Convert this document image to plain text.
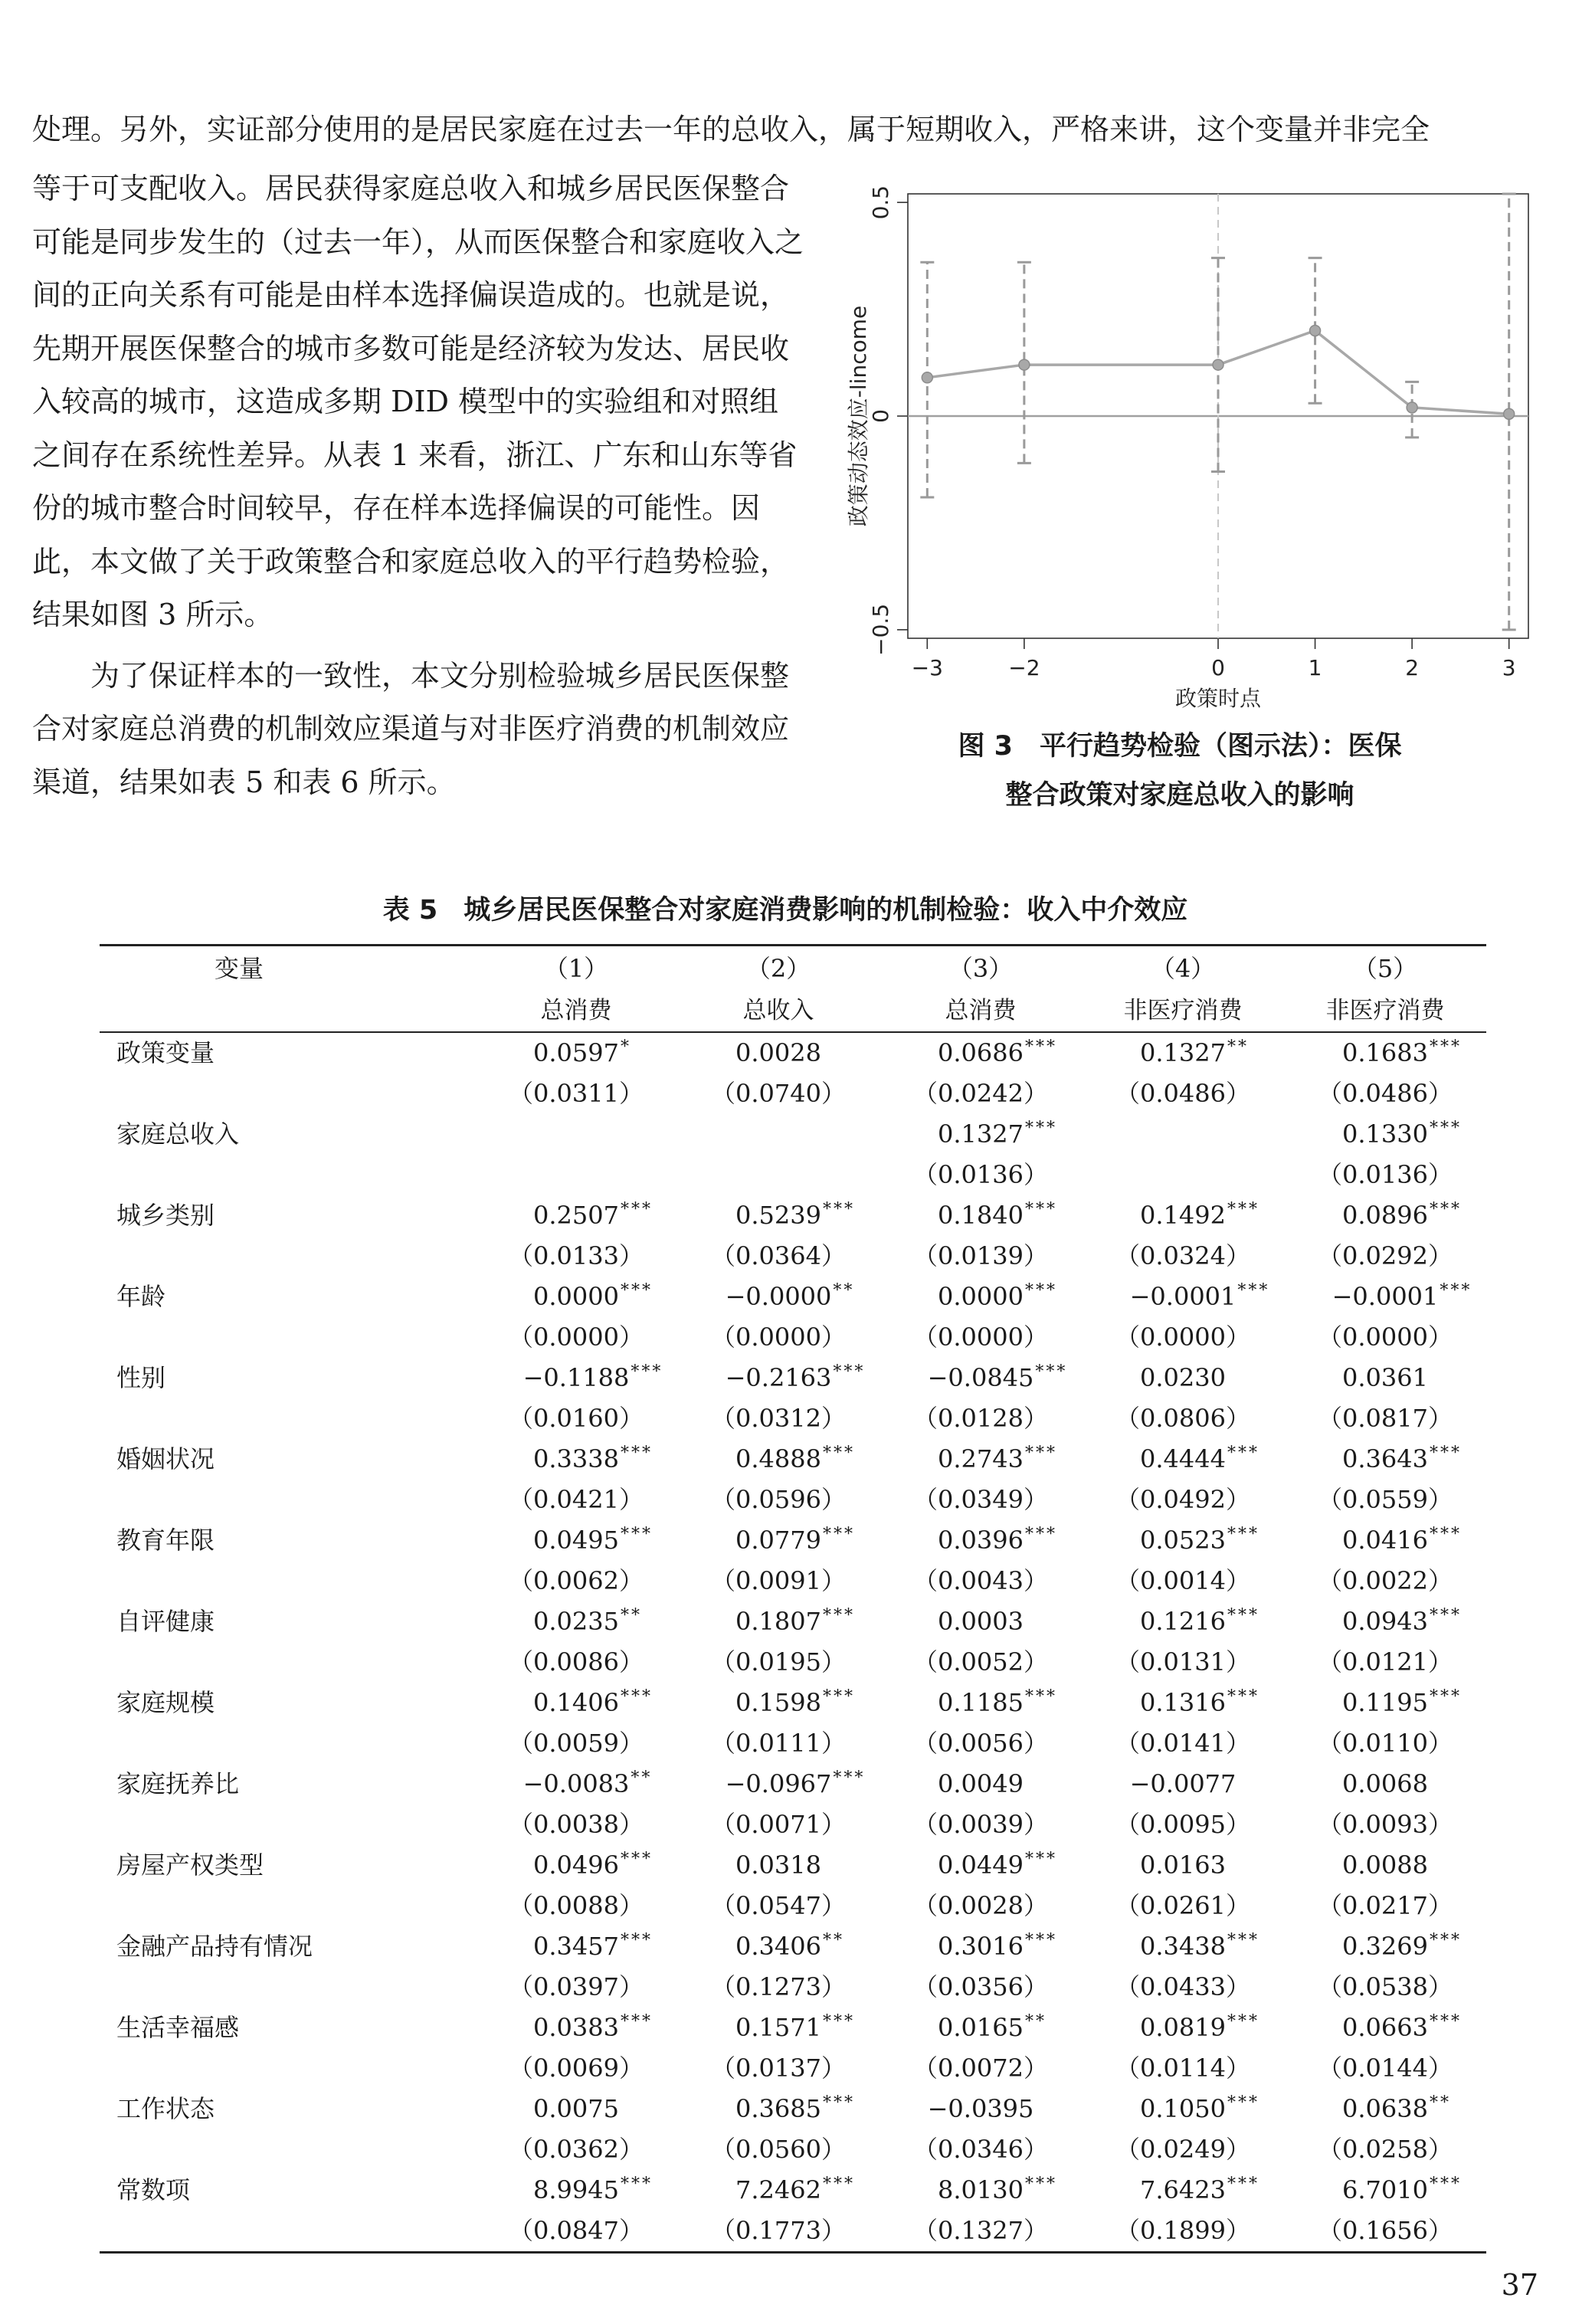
处理。另外，实证部分使用的是居民家庭在过去一年的总收入，属于短期收入，严格来讲，这个变量并非完全

等于可支配收入。居民获得家庭总收入和城乡居民医保整合可能是同步发生的（过去一年），从而医保整合和家庭收入之间的正向关系有可能是由样本选择偏误造成的。也就是说，先期开展医保整合的城市多数可能是经济较为发达、居民收入较高的城市，这造成多期 DID 模型中的实验组和对照组之间存在系统性差异。从表 1 来看，浙江、广东和山东等省份的城市整合时间较早，存在样本选择偏误的可能性。因此，本文做了关于政策整合和家庭总收入的平行趋势检验，结果如图 3 所示。

为了保证样本的一致性，本文分别检验城乡居民医保整合对家庭总消费的机制效应渠道与对非医疗消费的机制效应渠道，结果如表 5 和表 6 所示。

−3	−2	0	1	2	3
−0.5
0
0.5
政策时点
政策动态效应-lincome
图 3　平行趋势检验（图示法）：医保
整合政策对家庭总收入的影响
表 5 城乡居民医保整合对家庭消费影响的机制检验：收入中介效应
变量	（1）	（2）	（3）	（4）	（5）
	总消费	总收入	总消费	非医疗消费	非医疗消费
政策变量	0.0597 *	0.0028	0.0686 ***	0.1327 **	0.1683 ***

	（0.0311）	（0.0740）	（0.0242）	（0.0486）	（0.0486）
家庭总收入			0.1327 ***		0.1330 ***

			（0.0136）		（0.0136）
城乡类别	0.2507 ***	0.5239 ***	0.1840 ***	0.1492 ***	0.0896 ***

	（0.0133）	（0.0364）	（0.0139）	（0.0324）	（0.0292）
年龄	0.0000 ***	−0.0000 **	0.0000 ***	−0.0001 ***	−0.0001 ***

	（0.0000）	（0.0000）	（0.0000）	（0.0000）	（0.0000）
性别	−0.1188 ***	−0.2163 ***	−0.0845 ***	0.0230	0.0361

	（0.0160）	（0.0312）	（0.0128）	（0.0806）	（0.0817）
婚姻状况	0.3338 ***	0.4888 ***	0.2743 ***	0.4444 ***	0.3643 ***

	（0.0421）	（0.0596）	（0.0349）	（0.0492）	（0.0559）
教育年限	0.0495 ***	0.0779 ***	0.0396 ***	0.0523 ***	0.0416 ***

	（0.0062）	（0.0091）	（0.0043）	（0.0014）	（0.0022）
自评健康	0.0235 **	0.1807 ***	0.0003	0.1216 ***	0.0943 ***

	（0.0086）	（0.0195）	（0.0052）	（0.0131）	（0.0121）
家庭规模	0.1406 ***	0.1598 ***	0.1185 ***	0.1316 ***	0.1195 ***

	（0.0059）	（0.0111）	（0.0056）	（0.0141）	（0.0110）
家庭抚养比	−0.0083 **	−0.0967 ***	0.0049	−0.0077	0.0068

	（0.0038）	（0.0071）	（0.0039）	（0.0095）	（0.0093）
房屋产权类型	0.0496 ***	0.0318	0.0449 ***	0.0163	0.0088

	（0.0088）	（0.0547）	（0.0028）	（0.0261）	（0.0217）
金融产品持有情况	0.3457 ***	0.3406 **	0.3016 ***	0.3438 ***	0.3269 ***

	（0.0397）	（0.1273）	（0.0356）	（0.0433）	（0.0538）
生活幸福感	0.0383 ***	0.1571 ***	0.0165 **	0.0819 ***	0.0663 ***

	（0.0069）	（0.0137）	（0.0072）	（0.0114）	（0.0144）
工作状态	0.0075	0.3685 ***	−0.0395	0.1050 ***	0.0638 **

	（0.0362）	（0.0560）	（0.0346）	（0.0249）	（0.0258）
常数项	8.9945 ***	7.2462 ***	8.0130 ***	7.6423 ***	6.7010 ***

	（0.0847）	（0.1773）	（0.1327）	（0.1899）	（0.1656）
37
